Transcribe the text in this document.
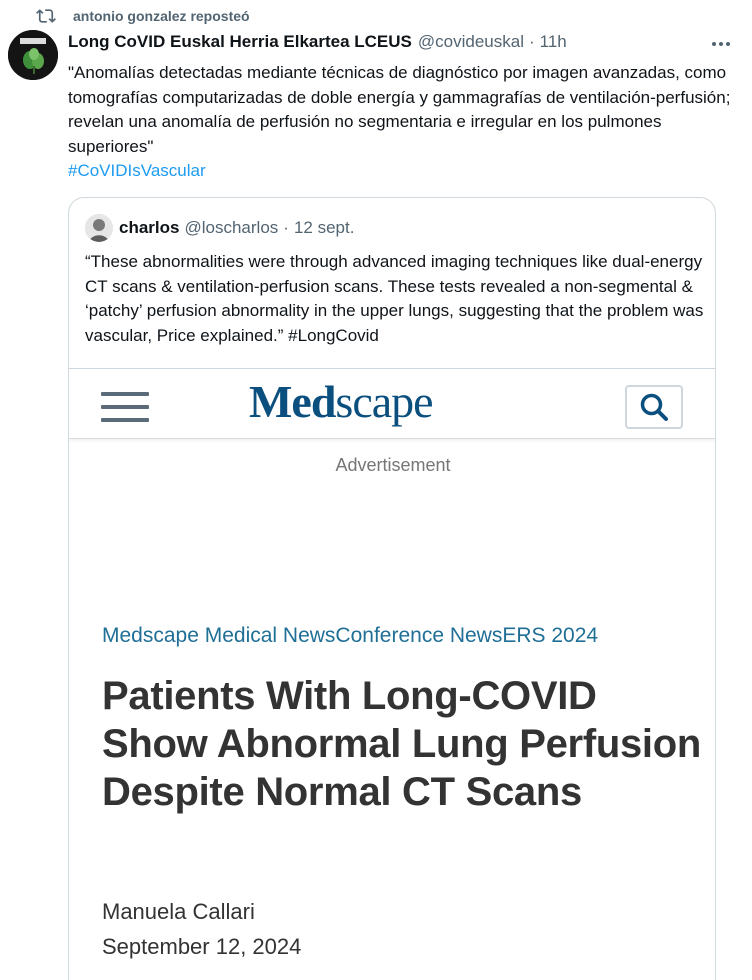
antonio gonzalez reposteó
Long CoVID Euskal Herria Elkartea LCEUS @covideuskal · 11h
"Anomalías detectadas mediante técnicas de diagnóstico por imagen avanzadas, como tomografías computarizadas de doble energía y gammagrafías de ventilación-perfusión; revelan una anomalía de perfusión no segmentaria e irregular en los pulmones superiores"
#CoVIDIsVascular
charlos @loscharlos · 12 sept.
“These abnormalities were through advanced imaging techniques like dual-energy CT scans & ventilation-perfusion scans. These tests revealed a non-segmental & ‘patchy’ perfusion abnormality in the upper lungs, suggesting that the problem was vascular, Price explained.” #LongCovid
Medscape
Advertisement
Medscape Medical NewsConference NewsERS 2024
Patients With Long-COVID Show Abnormal Lung Perfusion Despite Normal CT Scans
Manuela Callari
September 12, 2024
